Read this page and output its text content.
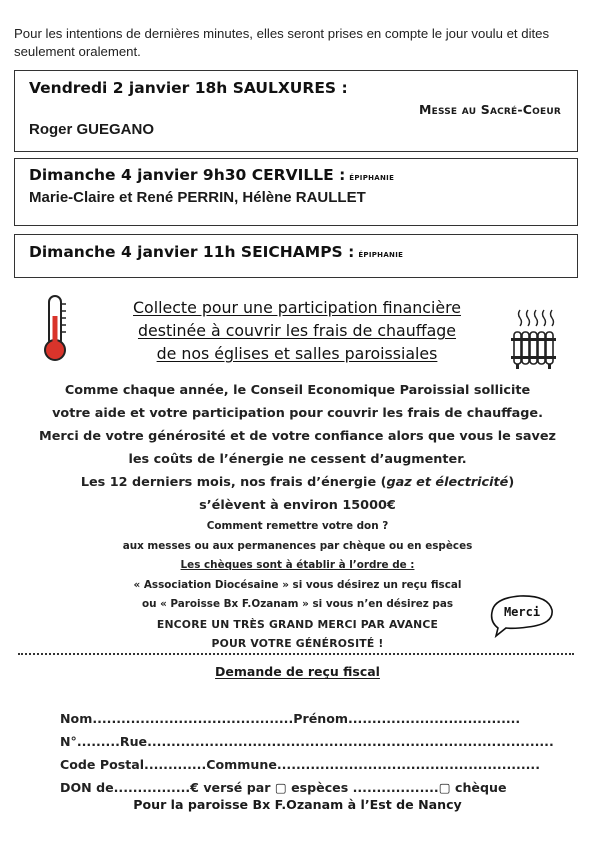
Pour les intentions de dernières minutes, elles seront prises en compte le jour voulu et dites
seulement oralement.
Vendredi 2 janvier 18h SAULXURES :
Messe au Sacré-Coeur
Roger GUEGANO
Dimanche 4 janvier 9h30 CERVILLE : épiphanie
Marie-Claire et René PERRIN, Hélène RAULLET
Dimanche 4 janvier 11h SEICHAMPS : épiphanie
Collecte pour une participation financière
destinée à couvrir les frais de chauffage
de nos églises et salles paroissiales
Comme chaque année, le Conseil Economique Paroissial sollicite
votre aide et votre participation pour couvrir les frais de chauffage.
Merci de votre générosité et de votre confiance alors que vous le savez
les coûts de l’énergie ne cessent d’augmenter.
Les 12 derniers mois, nos frais d’énergie (gaz et électricité)
s’élèvent à environ 15000€
Comment remettre votre don ?
aux messes ou aux permanences par chèque ou en espèces
Les chèques sont à établir à l’ordre de :
« Association Diocésaine » si vous désirez un reçu fiscal
ou « Paroisse Bx F.Ozanam » si vous n’en désirez pas
ENCORE UN TRÈS GRAND MERCI PAR AVANCE
POUR VOTRE GÉNÉROSITÉ !
Merci
Demande de reçu fiscal
Nom..........................................Prénom....................................
N°.........Rue.....................................................................................
Code Postal.............Commune.......................................................
DON de................€ versé par ▢ espèces ..................▢ chèque
Pour la paroisse Bx F.Ozanam à l’Est de Nancy
